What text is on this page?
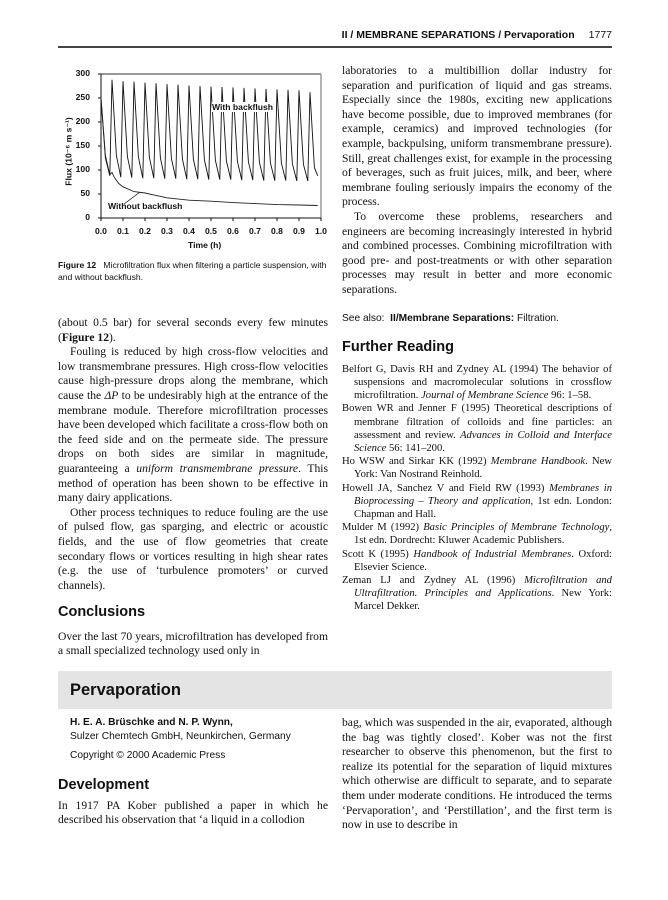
II / MEMBRANE SEPARATIONS / Pervaporation 1777
Flux (10⁻⁶ m s⁻¹)
300
250
200
150
100
50
0
0.0	0.1	0.2	0.3	0.4	0.5	0.6	0.7	0.8	0.9	1.0
Time (h)
With backflush
Without backflush
Figure 12 Microfiltration flux when filtering a particle suspension, with and without backflush.

(about 0.5 bar) for several seconds every few minutes (Figure 12).

Fouling is reduced by high cross-flow velocities and low transmembrane pressures. High cross-flow velocities cause high-pressure drops along the membrane, which cause the ΔP to be undesirably high at the entrance of the membrane module. Therefore microfiltration processes have been developed which facilitate a cross-flow both on the feed side and on the permeate side. The pressure drops on both sides are similar in magnitude, guaranteeing a uniform transmembrane pressure. This method of operation has been shown to be effective in many dairy applications.

Other process techniques to reduce fouling are the use of pulsed flow, gas sparging, and electric or acoustic fields, and the use of flow geometries that create secondary flows or vortices resulting in high shear rates (e.g. the use of ‘turbulence promoters’ or curved channels).

Conclusions

Over the last 70 years, microfiltration has developed from a small specialized technology used only in

laboratories to a multibillion dollar industry for separation and purification of liquid and gas streams. Especially since the 1980s, exciting new applications have become possible, due to improved membranes (for example, ceramics) and improved technologies (for example, backpulsing, uniform transmembrane pressure). Still, great challenges exist, for example in the processing of beverages, such as fruit juices, milk, and beer, where membrane fouling seriously impairs the economy of the process.

To overcome these problems, researchers and engineers are becoming increasingly interested in hybrid and combined processes. Combining microfiltration with good pre- and post-treatments or with other separation processes may result in better and more economic separations.

See also: II/Membrane Separations: Filtration.

Further Reading

Belfort G, Davis RH and Zydney AL (1994) The behavior of suspensions and macromolecular solutions in crossflow microfiltration. Journal of Membrane Science 96: 1–58.

Bowen WR and Jenner F (1995) Theoretical descriptions of membrane filtration of colloids and fine particles: an assessment and review. Advances in Colloid and Interface Science 56: 141–200.

Ho WSW and Sirkar KK (1992) Membrane Handbook. New York: Van Nostrand Reinhold.

Howell JA, Sanchez V and Field RW (1993) Membranes in Bioprocessing – Theory and application, 1st edn. London: Chapman and Hall.

Mulder M (1992) Basic Principles of Membrane Technology, 1st edn. Dordrecht: Kluwer Academic Publishers.

Scott K (1995) Handbook of Industrial Membranes. Oxford: Elsevier Science.

Zeman LJ and Zydney AL (1996) Microfiltration and Ultrafiltration. Principles and Applications. New York: Marcel Dekker.

Pervaporation
H. E. A. Brüschke and N. P. Wynn,
Sulzer Chemtech GmbH, Neunkirchen, Germany
Copyright © 2000 Academic Press

Development

In 1917 PA Kober published a paper in which he described his observation that ‘a liquid in a collodion

bag, which was suspended in the air, evaporated, although the bag was tightly closed’. Kober was not the first researcher to observe this phenomenon, but the first to realize its potential for the separation of liquid mixtures which otherwise are difficult to separate, and to separate them under moderate conditions. He introduced the terms ‘Pervaporation’, and ‘Perstillation’, and the first term is now in use to describe in
